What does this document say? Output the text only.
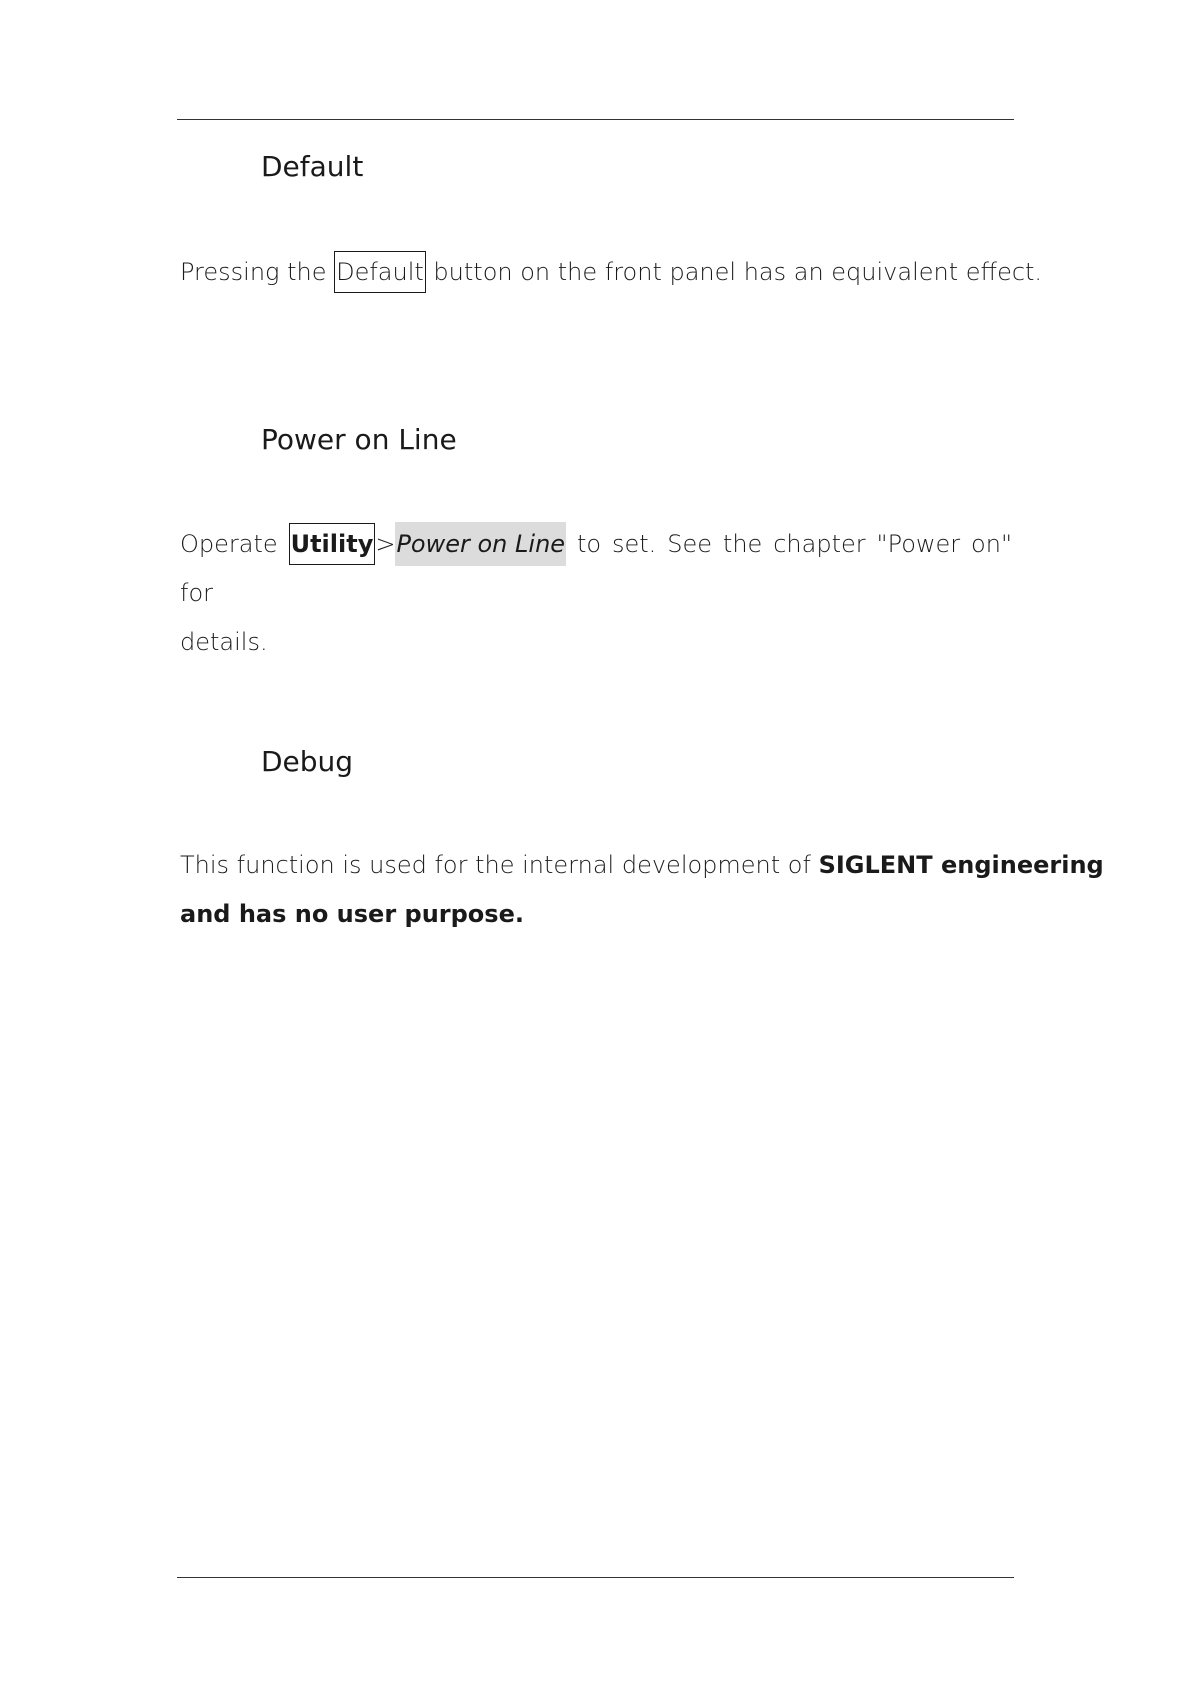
Default

Pressing the Default button on the front panel has an equivalent effect.

Power on Line

Operate Utility>Power on Line to set. See the chapter "Power on" for
details.

Debug

This function is used for the internal development of SIGLENT engineering
and has no user purpose.
